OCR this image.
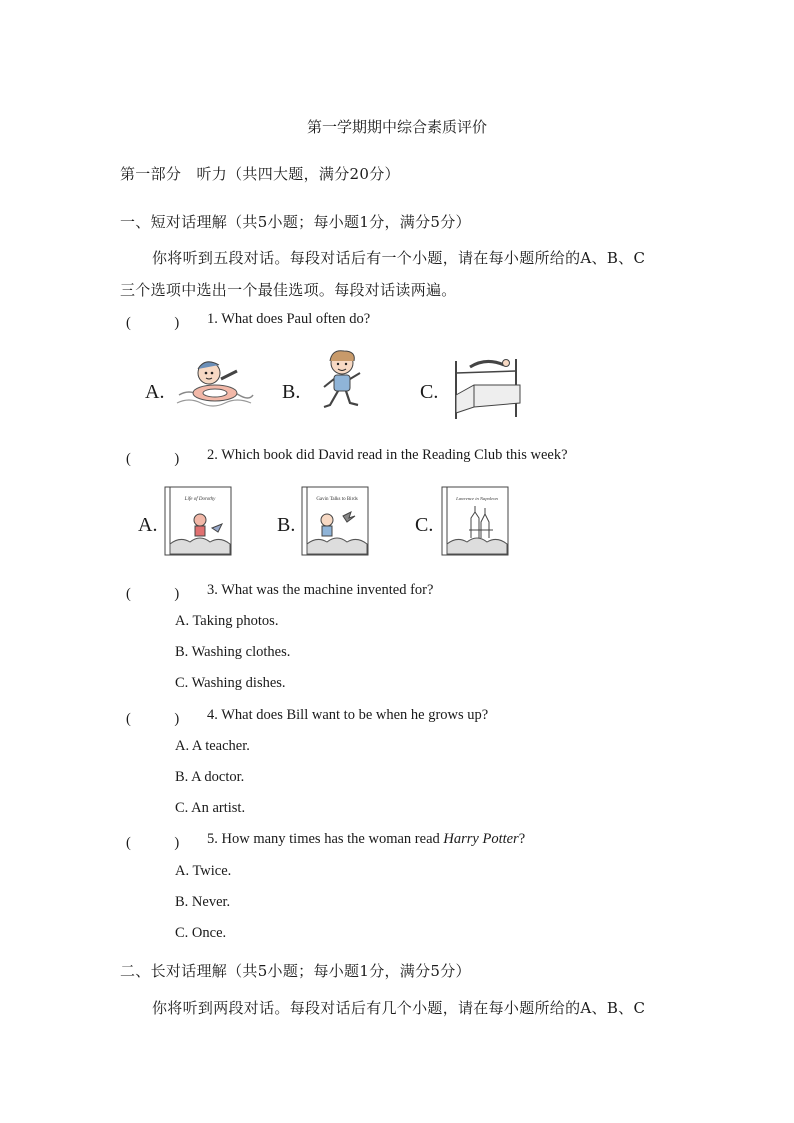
第一学期期中综合素质评价
第一部分　听力（共四大题，满分20分）
一、短对话理解（共5小题；每小题1分，满分5分）
你将听到五段对话。每段对话后有一个小题，请在每小题所给的A、B、C
三个选项中选出一个最佳选项。每段对话读两遍。
(　　　) 1. What does Paul often do?
A.	B.	C.
(　　　) 2. Which book did David read in the Reading Club this week?
A.
Life of Dorothy
B.
Gavin Talks to Birds
C.
Lawrence in Napoleon
(　　　) 3. What was the machine invented for?
A. Taking photos.
B. Washing clothes.
C. Washing dishes.
(　　　) 4. What does Bill want to be when he grows up?
A. A teacher.
B. A doctor.
C. An artist.
(　　　) 5. How many times has the woman read Harry Potter?
A. Twice.
B. Never.
C. Once.
二、长对话理解（共5小题；每小题1分，满分5分）
你将听到两段对话。每段对话后有几个小题，请在每小题所给的A、B、C
